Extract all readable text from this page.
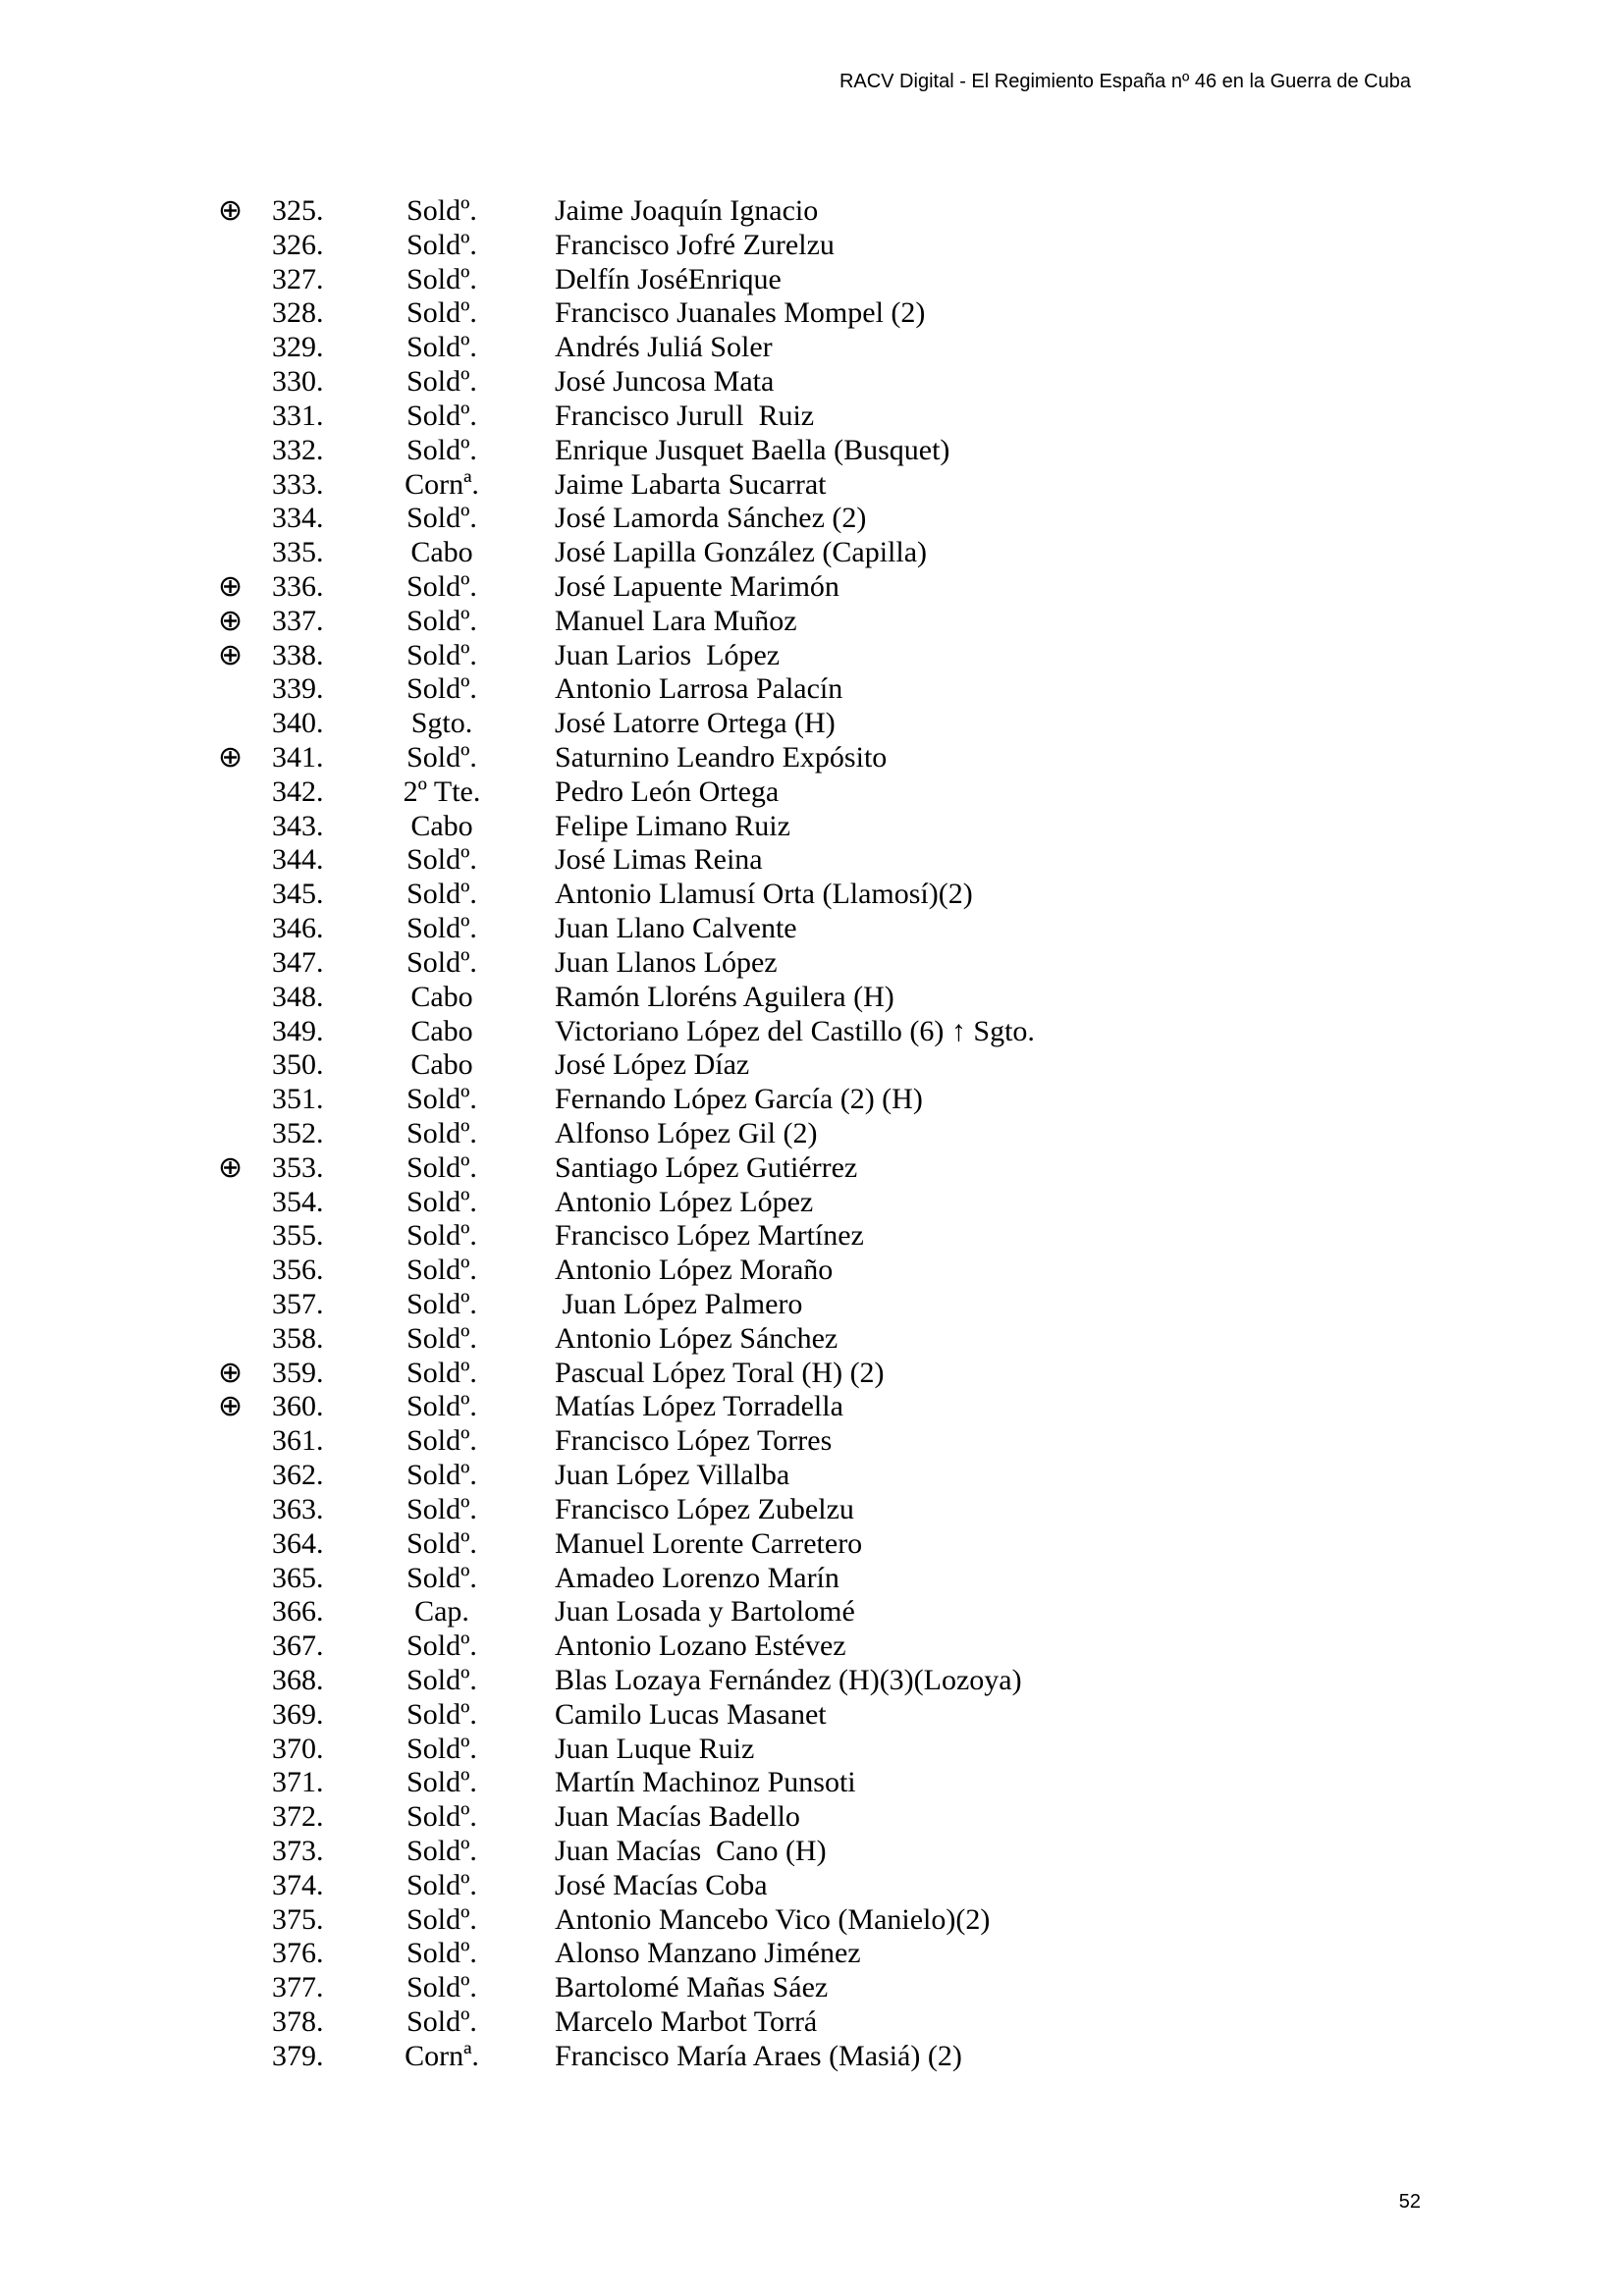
RACV Digital - El Regimiento España nº 46 en la Guerra de Cuba
⊕ 325.	Soldº.	Jaime Joaquín Ignacio
326.	Soldº.	Francisco Jofré Zurelzu
327.	Soldº.	Delfín JoséEnrique
328.	Soldº.	Francisco Juanales Mompel (2)
329.	Soldº.	Andrés Juliá Soler
330.	Soldº.	José Juncosa Mata
331.	Soldº.	Francisco Jurull  Ruiz
332.	Soldº.	Enrique Jusquet Baella (Busquet)
333.	Cornª.	Jaime Labarta Sucarrat
334.	Soldº.	José Lamorda Sánchez (2)
335.	Cabo	José Lapilla González (Capilla)
⊕ 336.	Soldº.	José Lapuente Marimón
⊕ 337.	Soldº.	Manuel Lara Muñoz
⊕ 338.	Soldº.	Juan Larios  López
339.	Soldº.	Antonio Larrosa Palacín
340.	Sgto.	José Latorre Ortega (H)
⊕ 341.	Soldº.	Saturnino Leandro Expósito
342.	2º Tte.	Pedro León Ortega
343.	Cabo	Felipe Limano Ruiz
344.	Soldº.	José Limas Reina
345.	Soldº.	Antonio Llamusí Orta (Llamosí)(2)
346.	Soldº.	Juan Llano Calvente
347.	Soldº.	Juan Llanos López
348.	Cabo	Ramón Lloréns Aguilera (H)
349.	Cabo	Victoriano López del Castillo (6) ↑ Sgto.
350.	Cabo	José López Díaz
351.	Soldº.	Fernando López García (2) (H)
352.	Soldº.	Alfonso López Gil (2)
⊕ 353.	Soldº.	Santiago López Gutiérrez
354.	Soldº.	Antonio López López
355.	Soldº.	Francisco López Martínez
356.	Soldº.	Antonio López Moraño
357.	Soldº.	Juan López Palmero
358.	Soldº.	Antonio López Sánchez
⊕ 359.	Soldº.	Pascual López Toral (H) (2)
⊕ 360.	Soldº.	Matías López Torradella
361.	Soldº.	Francisco López Torres
362.	Soldº.	Juan López Villalba
363.	Soldº.	Francisco López Zubelzu
364.	Soldº.	Manuel Lorente Carretero
365.	Soldº.	Amadeo Lorenzo Marín
366.	Cap.	Juan Losada y Bartolomé
367.	Soldº.	Antonio Lozano Estévez
368.	Soldº.	Blas Lozaya Fernández (H)(3)(Lozoya)
369.	Soldº.	Camilo Lucas Masanet
370.	Soldº.	Juan Luque Ruiz
371.	Soldº.	Martín Machinoz Punsoti
372.	Soldº.	Juan Macías Badello
373.	Soldº.	Juan Macías  Cano (H)
374.	Soldº.	José Macías Coba
375.	Soldº.	Antonio Mancebo Vico (Manielo)(2)
376.	Soldº.	Alonso Manzano Jiménez
377.	Soldº.	Bartolomé Mañas Sáez
378.	Soldº.	Marcelo Marbot Torrá
379.	Cornª.	Francisco María Araes (Masiá) (2)
52
